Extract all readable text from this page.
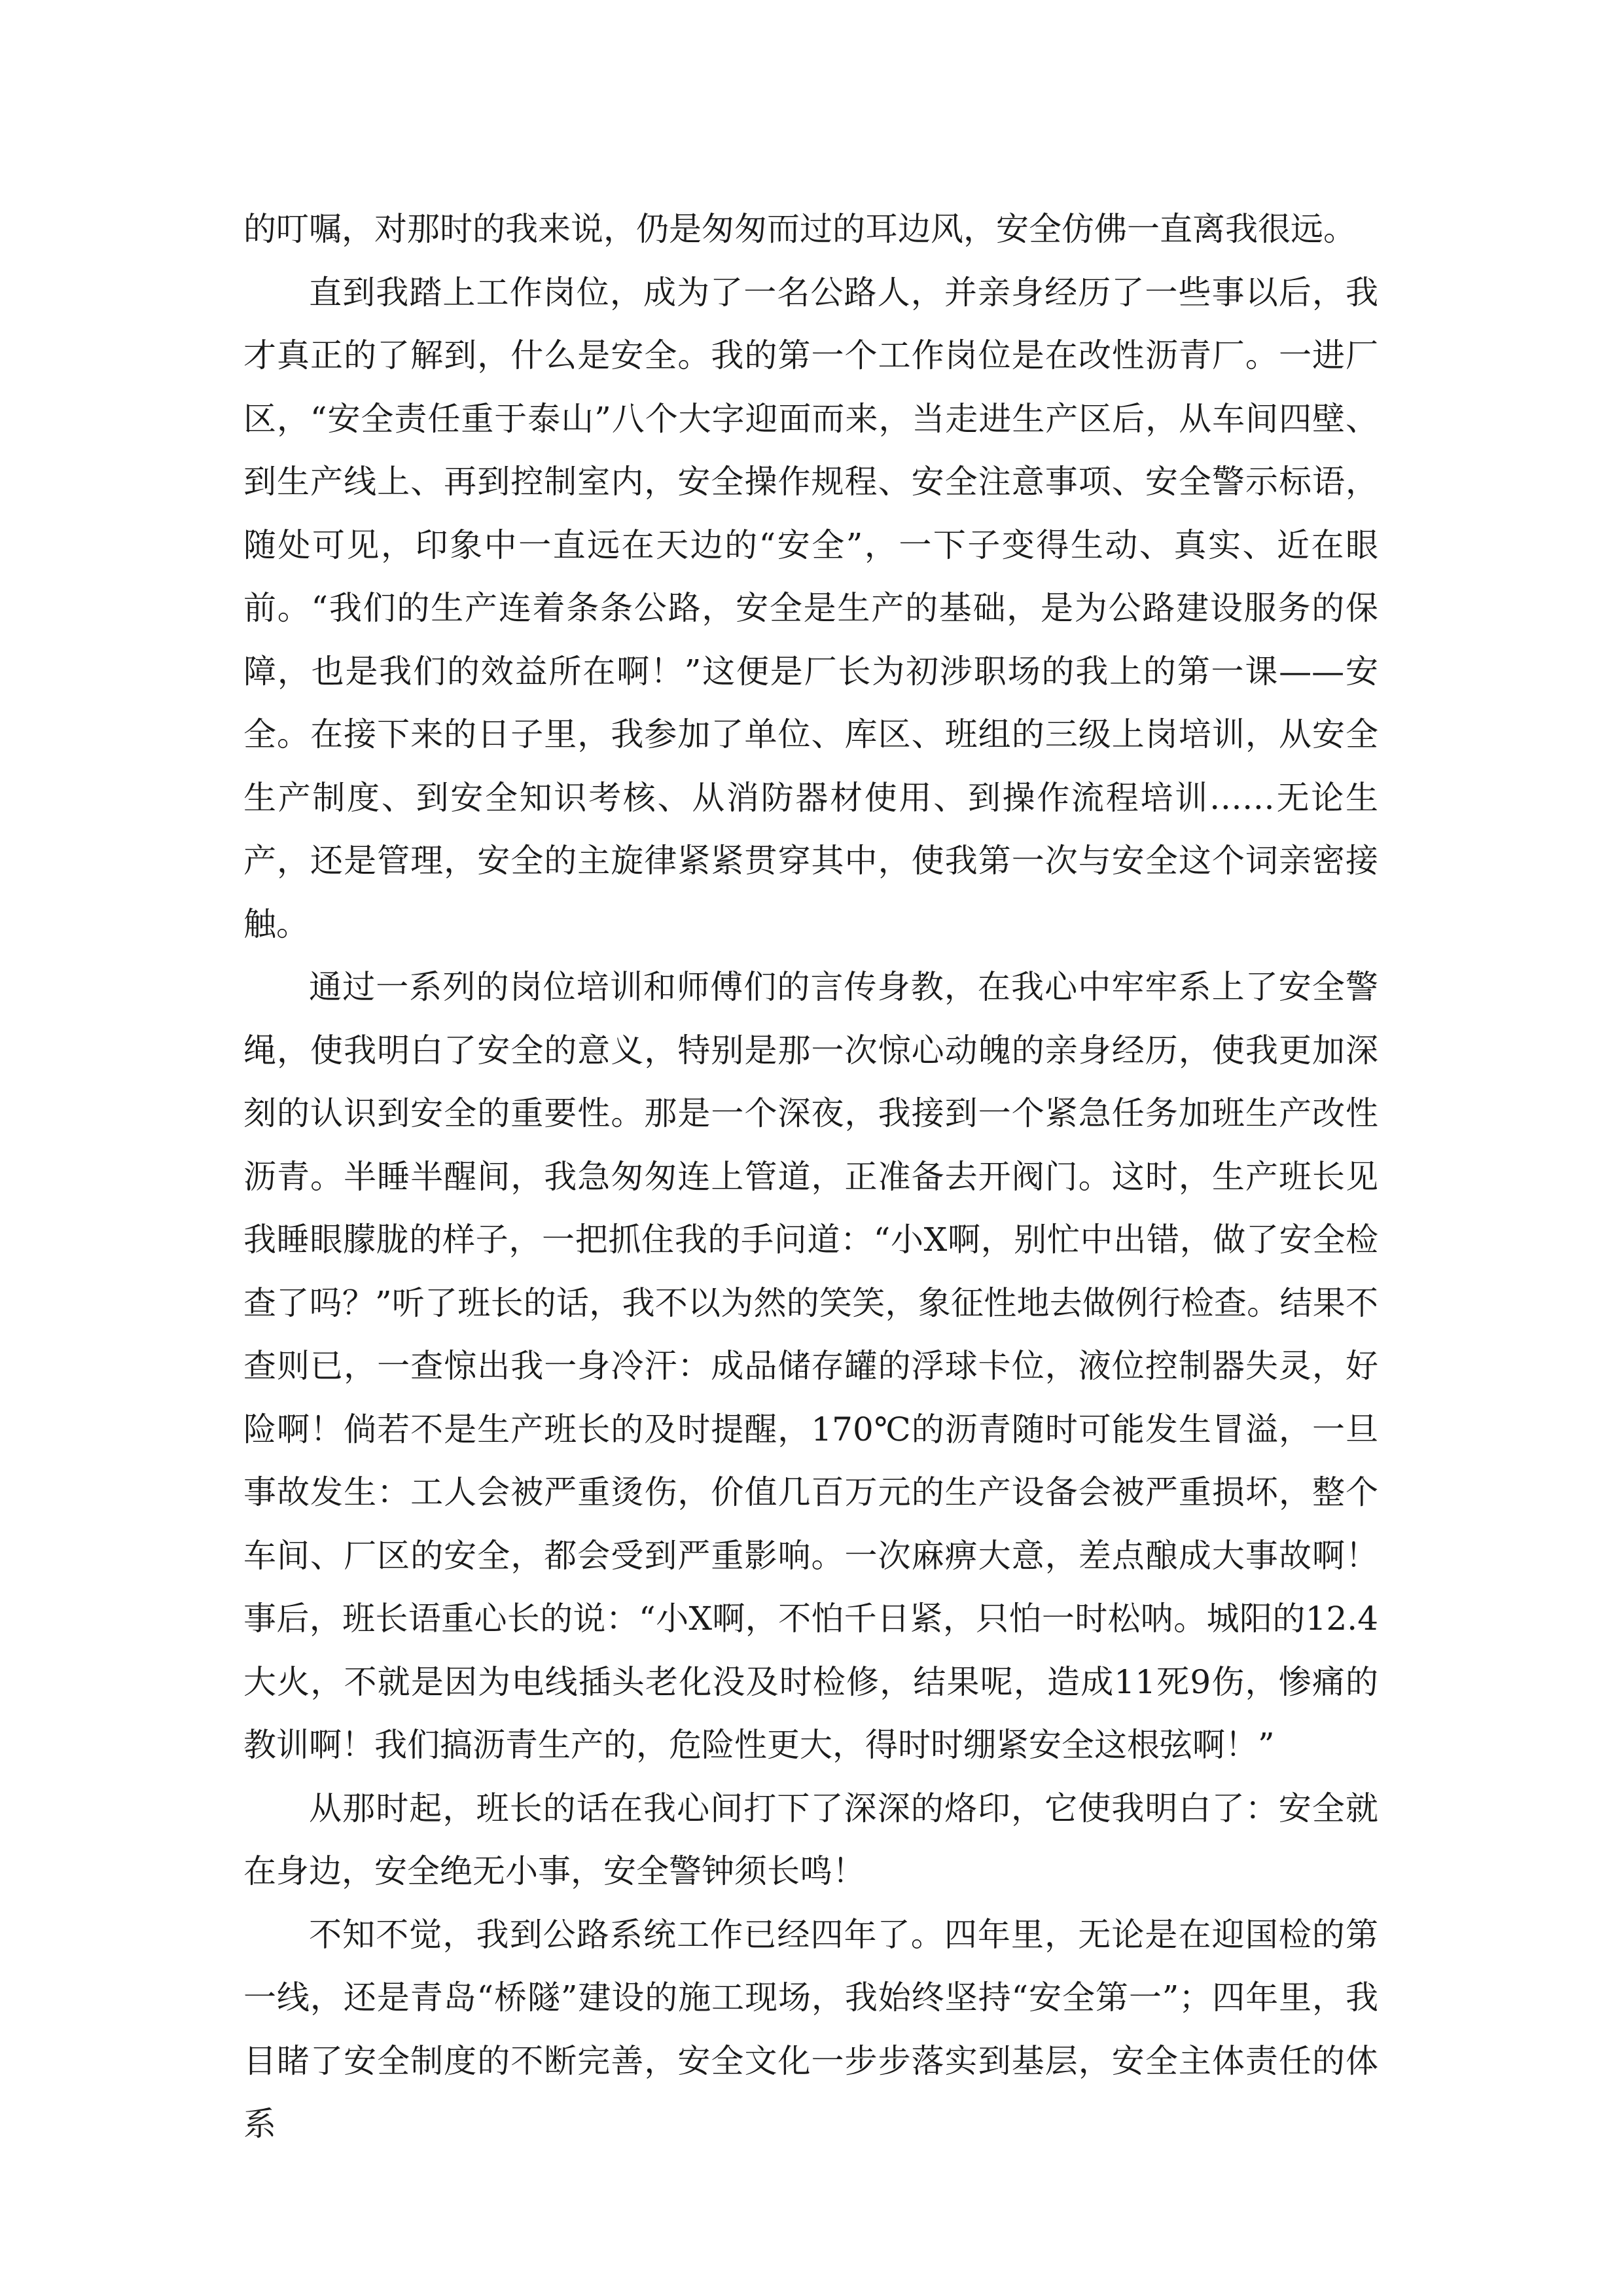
的叮嘱，对那时的我来说，仍是匆匆而过的耳边风，安全仿佛一直离我很远。

直到我踏上工作岗位，成为了一名公路人，并亲身经历了一些事以后，我才真正的了解到，什么是安全。我的第一个工作岗位是在改性沥青厂。一进厂区，“安全责任重于泰山”八个大字迎面而来，当走进生产区后，从车间四壁、到生产线上、再到控制室内，安全操作规程、安全注意事项、安全警示标语，随处可见，印象中一直远在天边的“安全”，一下子变得生动、真实、近在眼前。“我们的生产连着条条公路，安全是生产的基础，是为公路建设服务的保障，也是我们的效益所在啊！”这便是厂长为初涉职场的我上的第一课——安全。在接下来的日子里，我参加了单位、库区、班组的三级上岗培训，从安全生产制度、到安全知识考核、从消防器材使用、到操作流程培训……无论生产，还是管理，安全的主旋律紧紧贯穿其中，使我第一次与安全这个词亲密接触。

通过一系列的岗位培训和师傅们的言传身教，在我心中牢牢系上了安全警绳，使我明白了安全的意义，特别是那一次惊心动魄的亲身经历，使我更加深刻的认识到安全的重要性。那是一个深夜，我接到一个紧急任务加班生产改性沥青。半睡半醒间，我急匆匆连上管道，正准备去开阀门。这时，生产班长见我睡眼朦胧的样子，一把抓住我的手问道：“小X啊，别忙中出错，做了安全检查了吗？”听了班长的话，我不以为然的笑笑，象征性地去做例行检查。结果不查则已，一查惊出我一身冷汗：成品储存罐的浮球卡位，液位控制器失灵，好险啊！倘若不是生产班长的及时提醒，170℃的沥青随时可能发生冒溢，一旦事故发生：工人会被严重烫伤，价值几百万元的生产设备会被严重损坏，整个车间、厂区的安全，都会受到严重影响。一次麻痹大意，差点酿成大事故啊！事后，班长语重心长的说：“小X啊，不怕千日紧，只怕一时松呐。城阳的12.4大火，不就是因为电线插头老化没及时检修，结果呢，造成11死9伤，惨痛的教训啊！我们搞沥青生产的，危险性更大，得时时绷紧安全这根弦啊！”

从那时起，班长的话在我心间打下了深深的烙印，它使我明白了：安全就在身边，安全绝无小事，安全警钟须长鸣！

不知不觉，我到公路系统工作已经四年了。四年里，无论是在迎国检的第一线，还是青岛“桥隧”建设的施工现场，我始终坚持“安全第一”；四年里，我目睹了安全制度的不断完善，安全文化一步步落实到基层，安全主体责任的体系
